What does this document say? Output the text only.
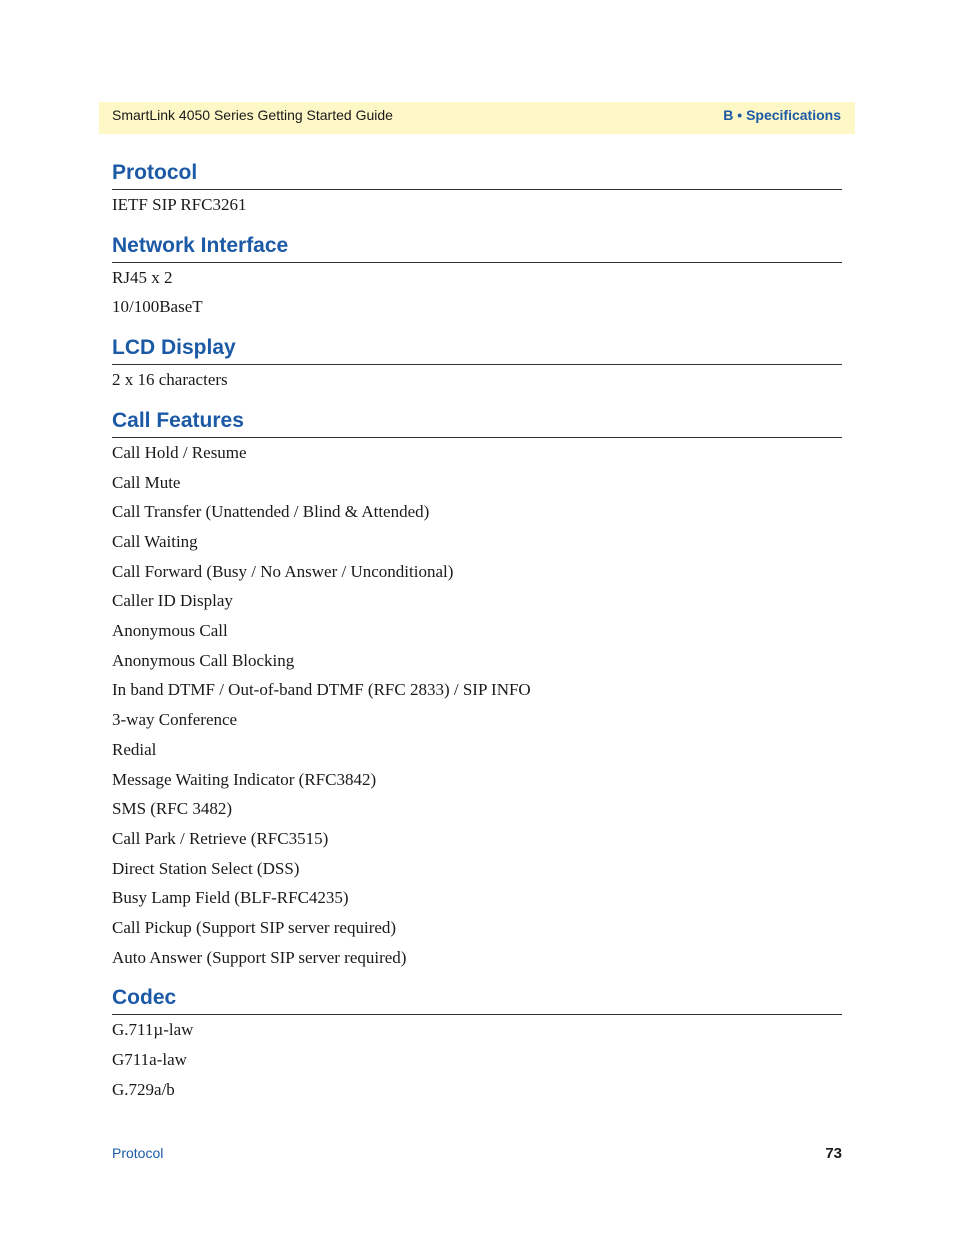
SmartLink 4050 Series Getting Started Guide	B • Specifications
Protocol

IETF SIP RFC3261

Network Interface

RJ45 x 2

10/100BaseT

LCD Display

2 x 16 characters

Call Features

Call Hold / Resume

Call Mute

Call Transfer (Unattended / Blind & Attended)

Call Waiting

Call Forward (Busy / No Answer / Unconditional)

Caller ID Display

Anonymous Call

Anonymous Call Blocking

In band DTMF / Out-of-band DTMF (RFC 2833) / SIP INFO

3-way Conference

Redial

Message Waiting Indicator (RFC3842)

SMS (RFC 3482)

Call Park / Retrieve (RFC3515)

Direct Station Select (DSS)

Busy Lamp Field (BLF-RFC4235)

Call Pickup (Support SIP server required)

Auto Answer (Support SIP server required)

Codec

G.711µ-law

G711a-law

G.729a/b

Protocol	73
